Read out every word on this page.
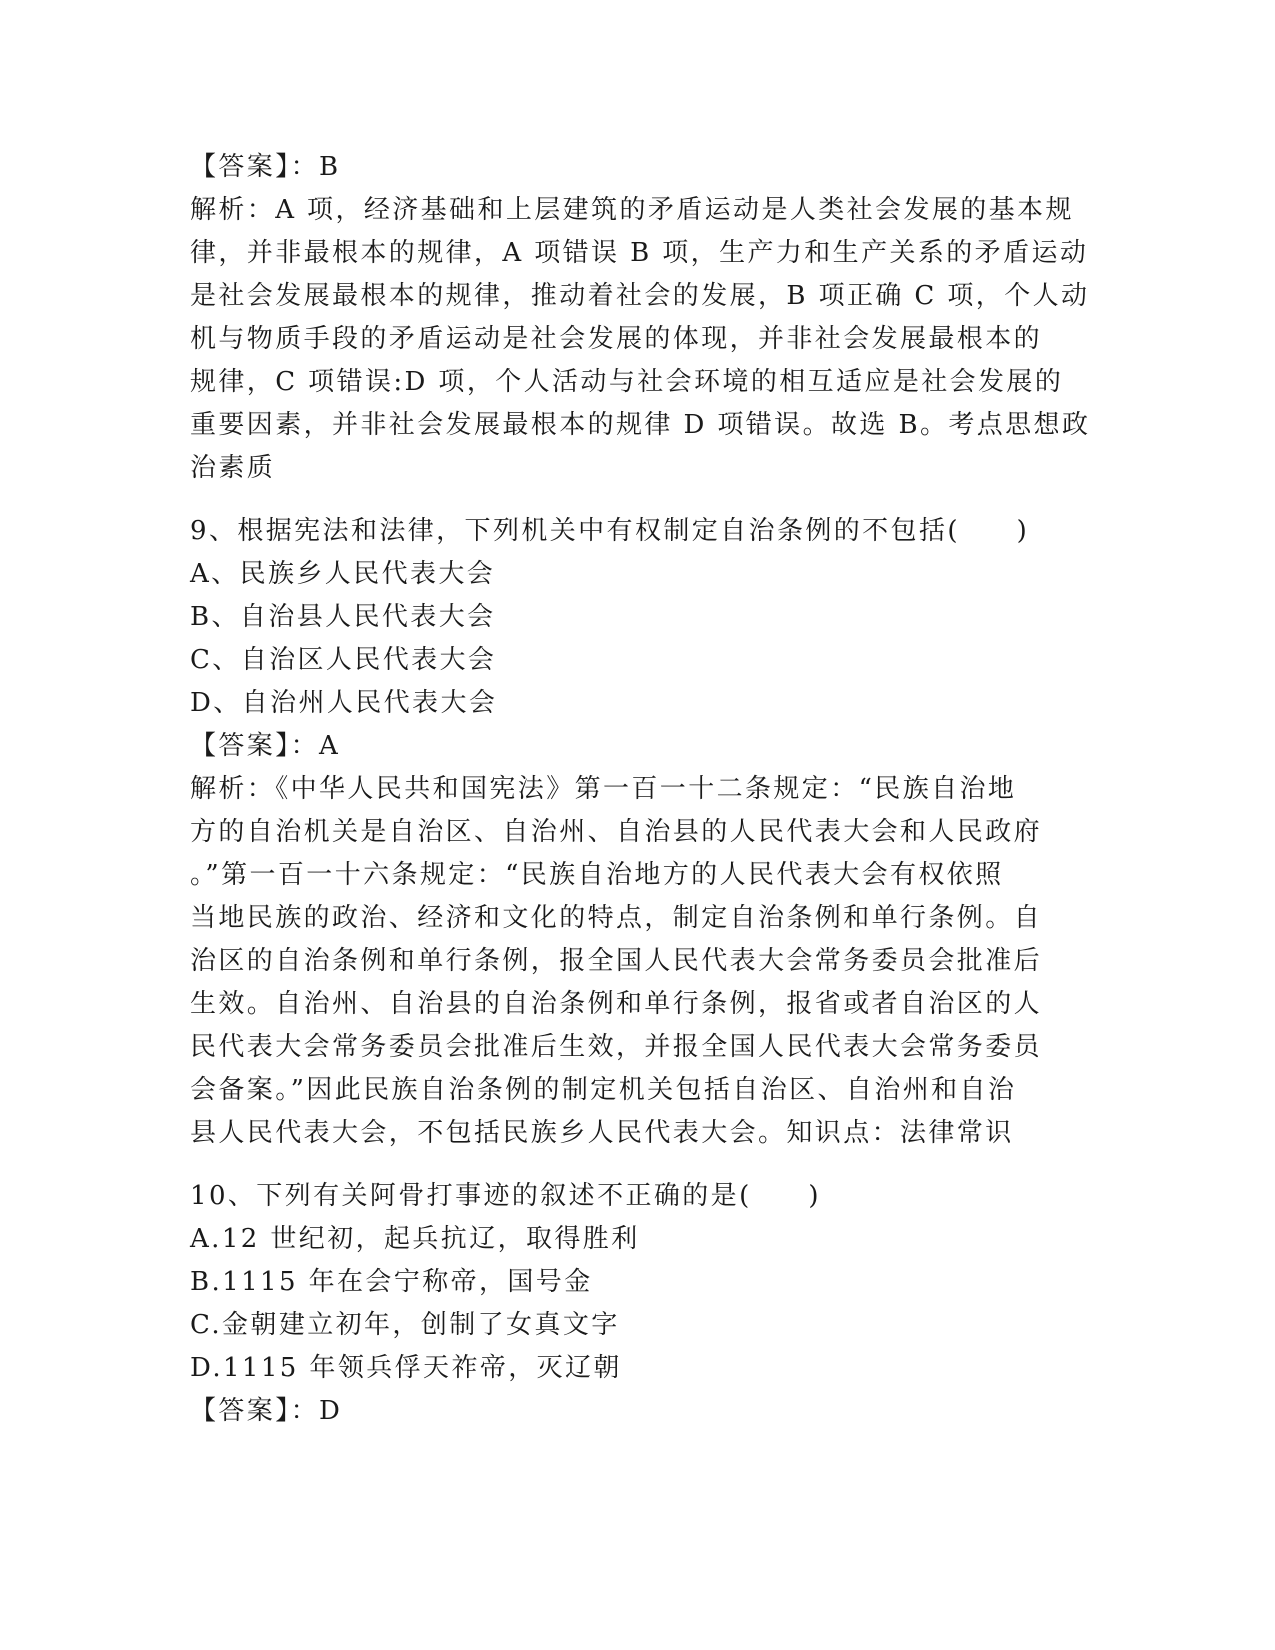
【答案】：B
解析：A 项，经济基础和上层建筑的矛盾运动是人类社会发展的基本规
律，并非最根本的规律，A 项错误 B 项，生产力和生产关系的矛盾运动
是社会发展最根本的规律，推动着社会的发展，B 项正确 C 项，个人动
机与物质手段的矛盾运动是社会发展的体现，并非社会发展最根本的
规律，C 项错误:D 项，个人活动与社会环境的相互适应是社会发展的
重要因素，并非社会发展最根本的规律 D 项错误。故选 B。考点思想政
治素质
9、根据宪法和法律，下列机关中有权制定自治条例的不包括(　　)
A、民族乡人民代表大会
B、自治县人民代表大会
C、自治区人民代表大会
D、自治州人民代表大会
【答案】：A
解析：《中华人民共和国宪法》第一百一十二条规定：“民族自治地
方的自治机关是自治区、自治州、自治县的人民代表大会和人民政府
。”第一百一十六条规定：“民族自治地方的人民代表大会有权依照
当地民族的政治、经济和文化的特点，制定自治条例和单行条例。自
治区的自治条例和单行条例，报全国人民代表大会常务委员会批准后
生效。自治州、自治县的自治条例和单行条例，报省或者自治区的人
民代表大会常务委员会批准后生效，并报全国人民代表大会常务委员
会备案。”因此民族自治条例的制定机关包括自治区、自治州和自治
县人民代表大会，不包括民族乡人民代表大会。知识点：法律常识
10、下列有关阿骨打事迹的叙述不正确的是(　　)
A.12 世纪初，起兵抗辽，取得胜利
B.1115 年在会宁称帝，国号金
C.金朝建立初年，创制了女真文字
D.1115 年领兵俘天祚帝，灭辽朝
【答案】：D
